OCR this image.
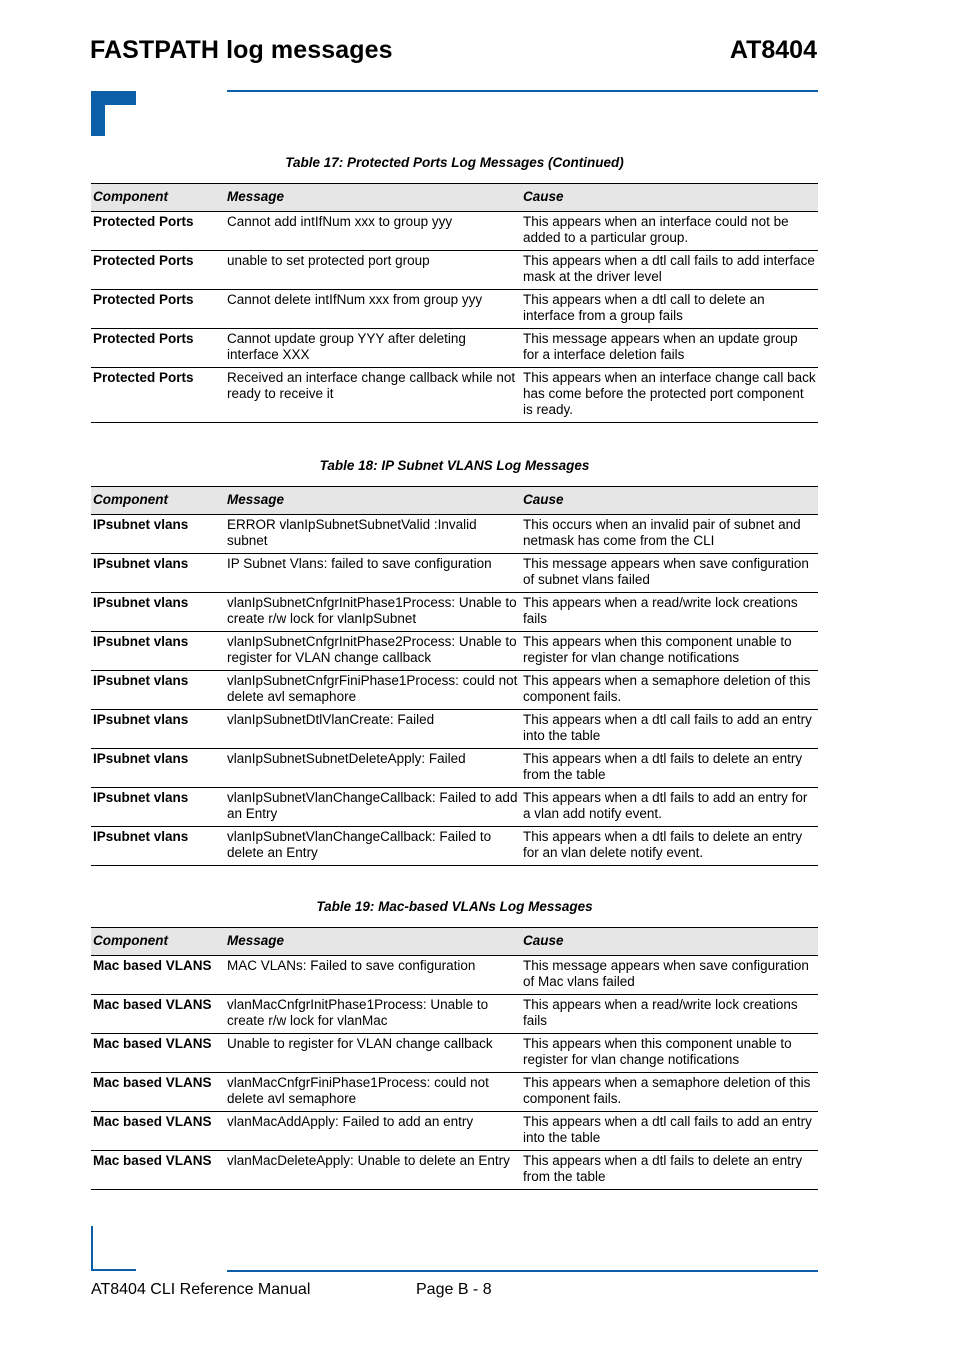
FASTPATH log messages	AT8404
Table 17: Protected Ports Log Messages (Continued)
Component	Message	Cause
Protected Ports	Cannot add intIfNum xxx to group yyy	This appears when an interface could not be added to a particular group.
Protected Ports	unable to set protected port group	This appears when a dtl call fails to add interface mask at the driver level
Protected Ports	Cannot delete intIfNum xxx from group yyy	This appears when a dtl call to delete an interface from a group fails
Protected Ports	Cannot update group YYY after deleting interface XXX	This message appears when an update group for a interface deletion fails
Protected Ports	Received an interface change callback while not ready to receive it	This appears when an interface change call back has come before the protected port component is ready.
Table 18: IP Subnet VLANS Log Messages
Component	Message	Cause
IPsubnet vlans	ERROR vlanIpSubnetSubnetValid :Invalid subnet	This occurs when an invalid pair of subnet and netmask has come from the CLI
IPsubnet vlans	IP Subnet Vlans: failed to save configuration	This message appears when save configuration of subnet vlans failed
IPsubnet vlans	vlanIpSubnetCnfgrInitPhase1Process: Unable to create r/w lock for vlanIpSubnet	This appears when a read/write lock creations fails
IPsubnet vlans	vlanIpSubnetCnfgrInitPhase2Process: Unable to register for VLAN change callback	This appears when this component unable to register for vlan change notifications
IPsubnet vlans	vlanIpSubnetCnfgrFiniPhase1Process: could not delete avl semaphore	This appears when a semaphore deletion of this component fails.
IPsubnet vlans	vlanIpSubnetDtlVlanCreate: Failed	This appears when a dtl call fails to add an entry into the table
IPsubnet vlans	vlanIpSubnetSubnetDeleteApply: Failed	This appears when a dtl fails to delete an entry from the table
IPsubnet vlans	vlanIpSubnetVlanChangeCallback: Failed to add an Entry	This appears when a dtl fails to add an entry for a vlan add notify event.
IPsubnet vlans	vlanIpSubnetVlanChangeCallback: Failed to delete an Entry	This appears when a dtl fails to delete an entry for an vlan delete notify event.
Table 19: Mac-based VLANs Log Messages
Component	Message	Cause
Mac based VLANS	MAC VLANs: Failed to save configuration	This message appears when save configuration of Mac vlans failed
Mac based VLANS	vlanMacCnfgrInitPhase1Process: Unable to create r/w lock for vlanMac	This appears when a read/write lock creations fails
Mac based VLANS	Unable to register for VLAN change callback	This appears when this component unable to register for vlan change notifications
Mac based VLANS	vlanMacCnfgrFiniPhase1Process: could not delete avl semaphore	This appears when a semaphore deletion of this component fails.
Mac based VLANS	vlanMacAddApply: Failed to add an entry	This appears when a dtl call fails to add an entry into the table
Mac based VLANS	vlanMacDeleteApply: Unable to delete an Entry	This appears when a dtl fails to delete an entry from the table
AT8404 CLI Reference Manual	Page B - 8
